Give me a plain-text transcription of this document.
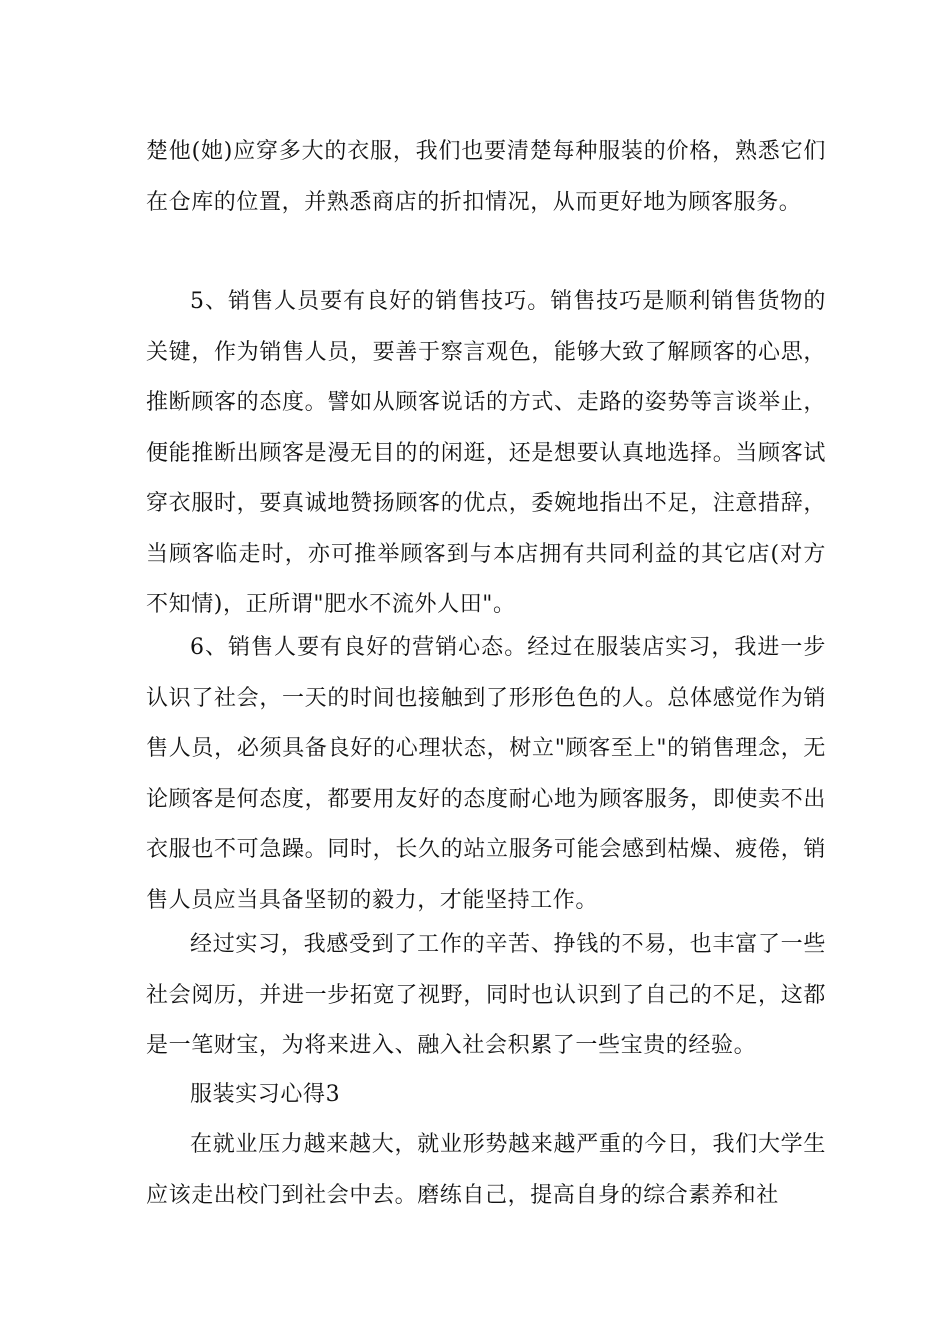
楚他(她)应穿多大的衣服，我们也要清楚每种服装的价格，熟悉它们在仓库的位置，并熟悉商店的折扣情况，从而更好地为顾客服务。

5、销售人员要有良好的销售技巧。销售技巧是顺利销售货物的关键，作为销售人员，要善于察言观色，能够大致了解顾客的心思，推断顾客的态度。譬如从顾客说话的方式、走路的姿势等言谈举止，便能推断出顾客是漫无目的的闲逛，还是想要认真地选择。当顾客试穿衣服时，要真诚地赞扬顾客的优点，委婉地指出不足，注意措辞，当顾客临走时，亦可推举顾客到与本店拥有共同利益的其它店(对方不知情)，正所谓"肥水不流外人田"。

6、销售人要有良好的营销心态。经过在服装店实习，我进一步认识了社会，一天的时间也接触到了形形色色的人。总体感觉作为销售人员，必须具备良好的心理状态，树立"顾客至上"的销售理念，无论顾客是何态度，都要用友好的态度耐心地为顾客服务，即使卖不出衣服也不可急躁。同时，长久的站立服务可能会感到枯燥、疲倦，销售人员应当具备坚韧的毅力，才能坚持工作。

经过实习，我感受到了工作的辛苦、挣钱的不易，也丰富了一些社会阅历，并进一步拓宽了视野，同时也认识到了自己的不足，这都是一笔财宝，为将来进入、融入社会积累了一些宝贵的经验。

服装实习心得3

在就业压力越来越大，就业形势越来越严重的今日，我们大学生应该走出校门到社会中去。磨练自己，提高自身的综合素养和社
